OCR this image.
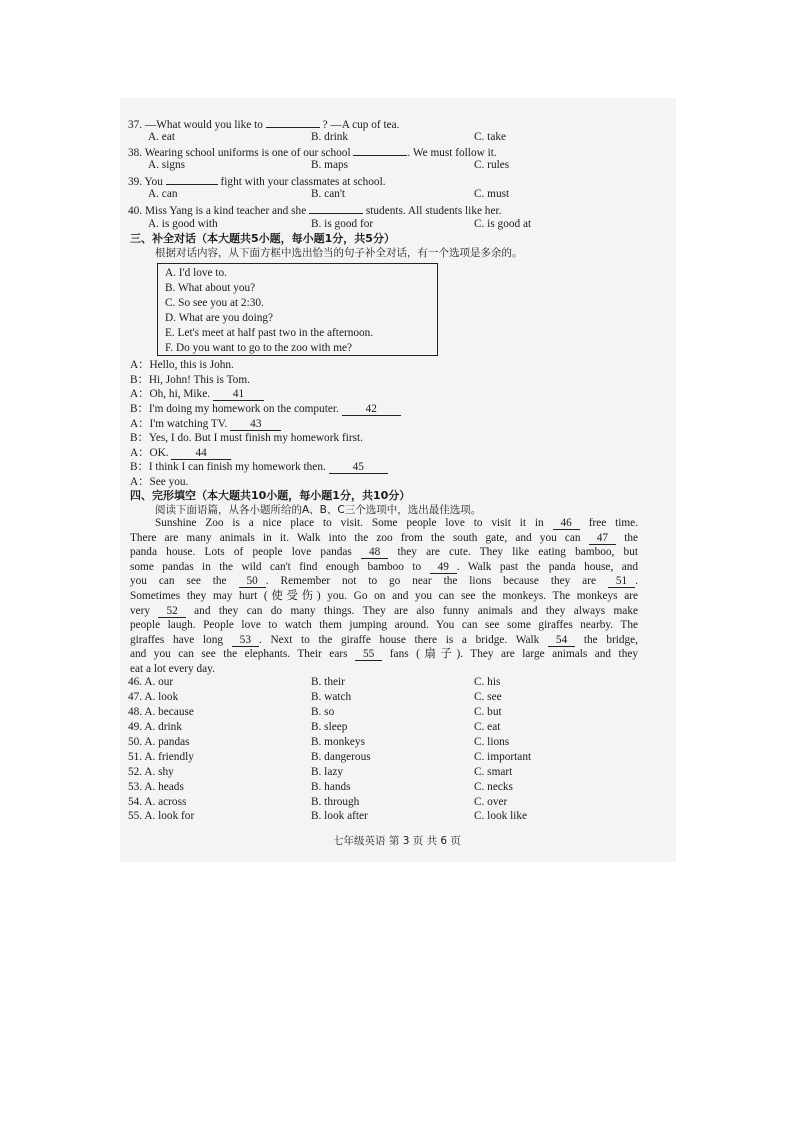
37. —What would you like to	? —A cup of tea.
A. eat	B. drink	C. take
38. Wearing school uniforms is one of our school	. We must follow it.
A. signs	B. maps	C. rules
39. You	fight with your classmates at school.
A. can	B. can't	C. must
40. Miss Yang is a kind teacher and she	students. All students like her.
A. is good with	B. is good for	C. is good at
三、补全对话（本大题共5小题，每小题1分，共5分）
根据对话内容，从下面方框中选出恰当的句子补全对话，有一个选项是多余的。
A. I'd love to.
B. What about you?
C. So see you at 2:30.
D. What are you doing?
E. Let's meet at half past two in the afternoon.
F. Do you want to go to the zoo with me?
A：Hello, this is John.
B：Hi, John! This is Tom.
A：Oh, hi, Mike. 41
B：I'm doing my homework on the computer. 42
A：I'm watching TV. 43
B：Yes, I do. But I must finish my homework first.
A：OK. 44
B：I think I can finish my homework then. 45
A：See you.
四、完形填空（本大题共10小题，每小题1分，共10分）
阅读下面语篇，从各小题所给的A、B、C三个选项中，选出最佳选项。
Sunshine Zoo is a nice place to visit. Some people love to visit it in 46 free time.
There are many animals in it. Walk into the zoo from the south gate, and you can 47 the
panda house. Lots of people love pandas 48 they are cute. They like eating bamboo, but
some pandas in the wild can't find enough bamboo to 49 . Walk past the panda house, and
you can see the 50 . Remember not to go near the lions because they are 51 .
Sometimes they may hurt (使受伤) you. Go on and you can see the monkeys. The monkeys are
very 52 and they can do many things. They are also funny animals and they always make
people laugh. People love to watch them jumping around. You can see some giraffes nearby. The
giraffes have long 53 . Next to the giraffe house there is a bridge. Walk 54 the bridge,
and you can see the elephants. Their ears 55 fans (扇子). They are large animals and they
eat a lot every day.
46. A. our	B. their	C. his
47. A. look	B. watch	C. see
48. A. because	B. so	C. but
49. A. drink	B. sleep	C. eat
50. A. pandas	B. monkeys	C. lions
51. A. friendly	B. dangerous	C. important
52. A. shy	B. lazy	C. smart
53. A. heads	B. hands	C. necks
54. A. across	B. through	C. over
55. A. look for	B. look after	C. look like
七年级英语 第 3 页 共 6 页
